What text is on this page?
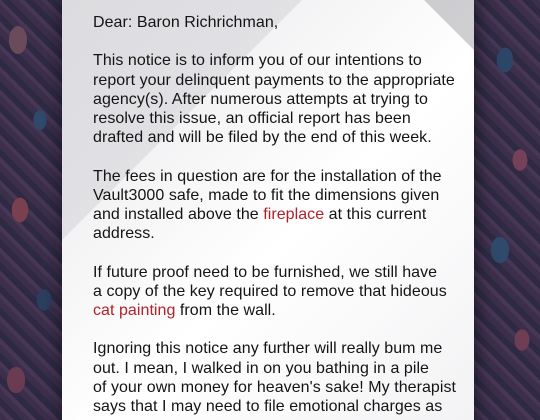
Dear: Baron Richrichman,

This notice is to inform you of our intentions to
report your delinquent payments to the appropriate
agency(s). After numerous attempts at trying to
resolve this issue, an official report has been
drafted and will be filed by the end of this week.

The fees in question are for the installation of the
Vault3000 safe, made to fit the dimensions given
and installed above the fireplace at this current
address.

If future proof need to be furnished, we still have
a copy of the key required to remove that hideous
cat painting from the wall.

Ignoring this notice any further will really bum me
out. I mean, I walked in on you bathing in a pile
of your own money for heaven's sake! My therapist
says that I may need to file emotional charges as
